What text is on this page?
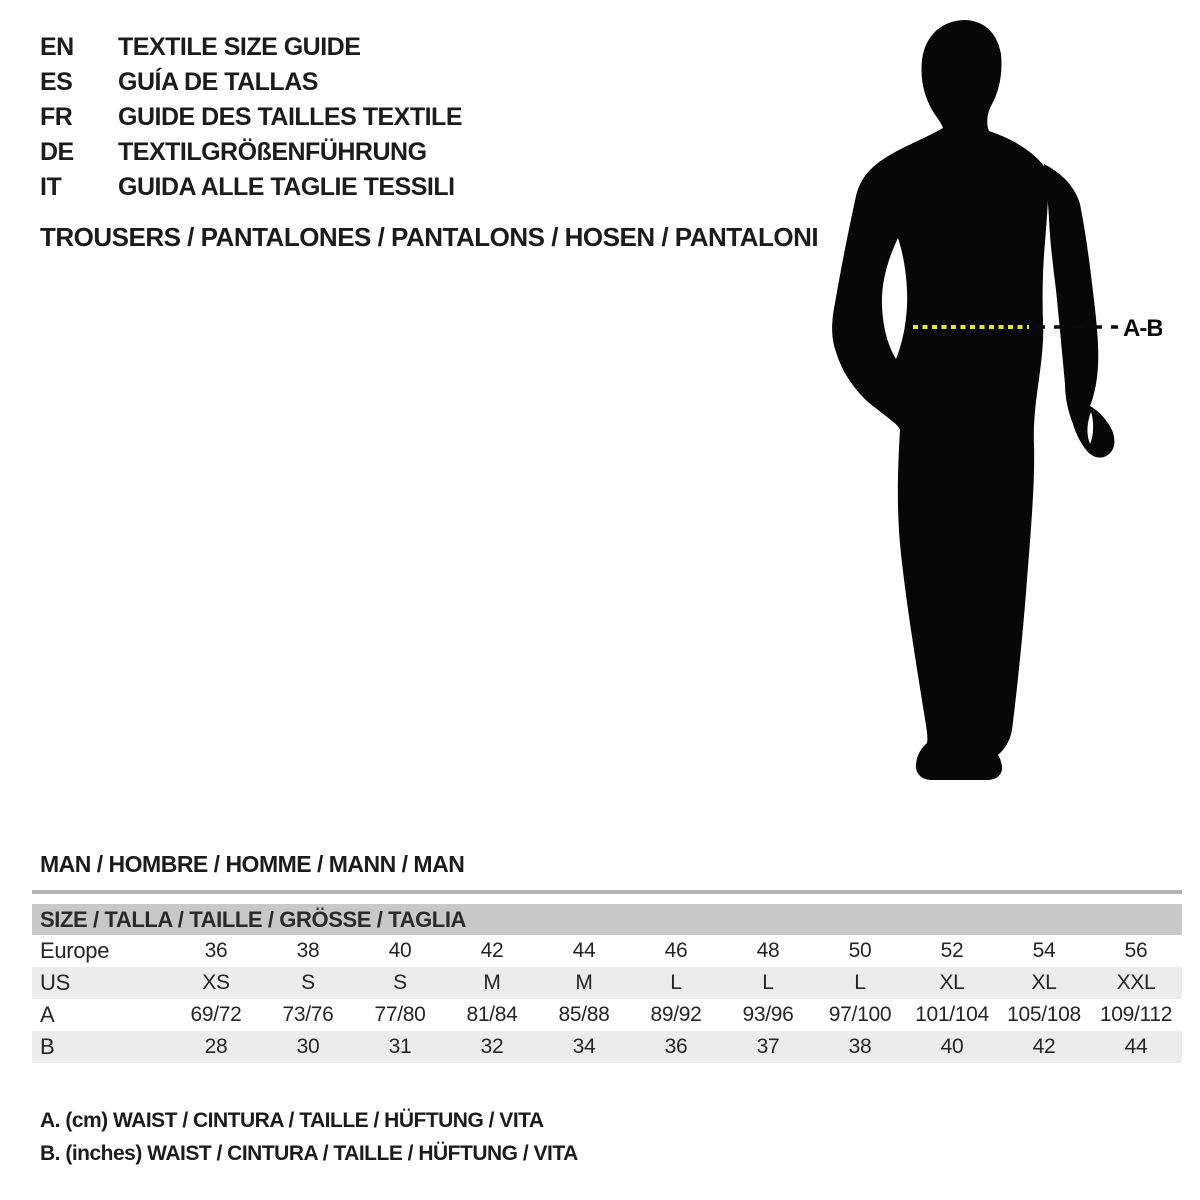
EN	TEXTILE SIZE GUIDE
ES	GUÍA DE TALLAS
FR	GUIDE DES TAILLES TEXTILE
DE	TEXTILGRÖßENFÜHRUNG
IT	GUIDA ALLE TAGLIE TESSILI
TROUSERS / PANTALONES / PANTALONS / HOSEN / PANTALONI
A-B
MAN / HOMBRE / HOMME / MANN / MAN
SIZE / TALLA / TAILLE / GRÖSSE / TAGLIA
Europe	36	38	40	42	44	46	48	50	52	54	56
US	XS	S	S	M	M	L	L	L	XL	XL	XXL
A	69/72	73/76	77/80	81/84	85/88	89/92	93/96	97/100	101/104 105/108 109/112
B	28	30	31	32	34	36	37	38	40	42	44
A. (cm) WAIST / CINTURA / TAILLE / HÜFTUNG / VITA
B. (inches) WAIST / CINTURA / TAILLE / HÜFTUNG / VITA
